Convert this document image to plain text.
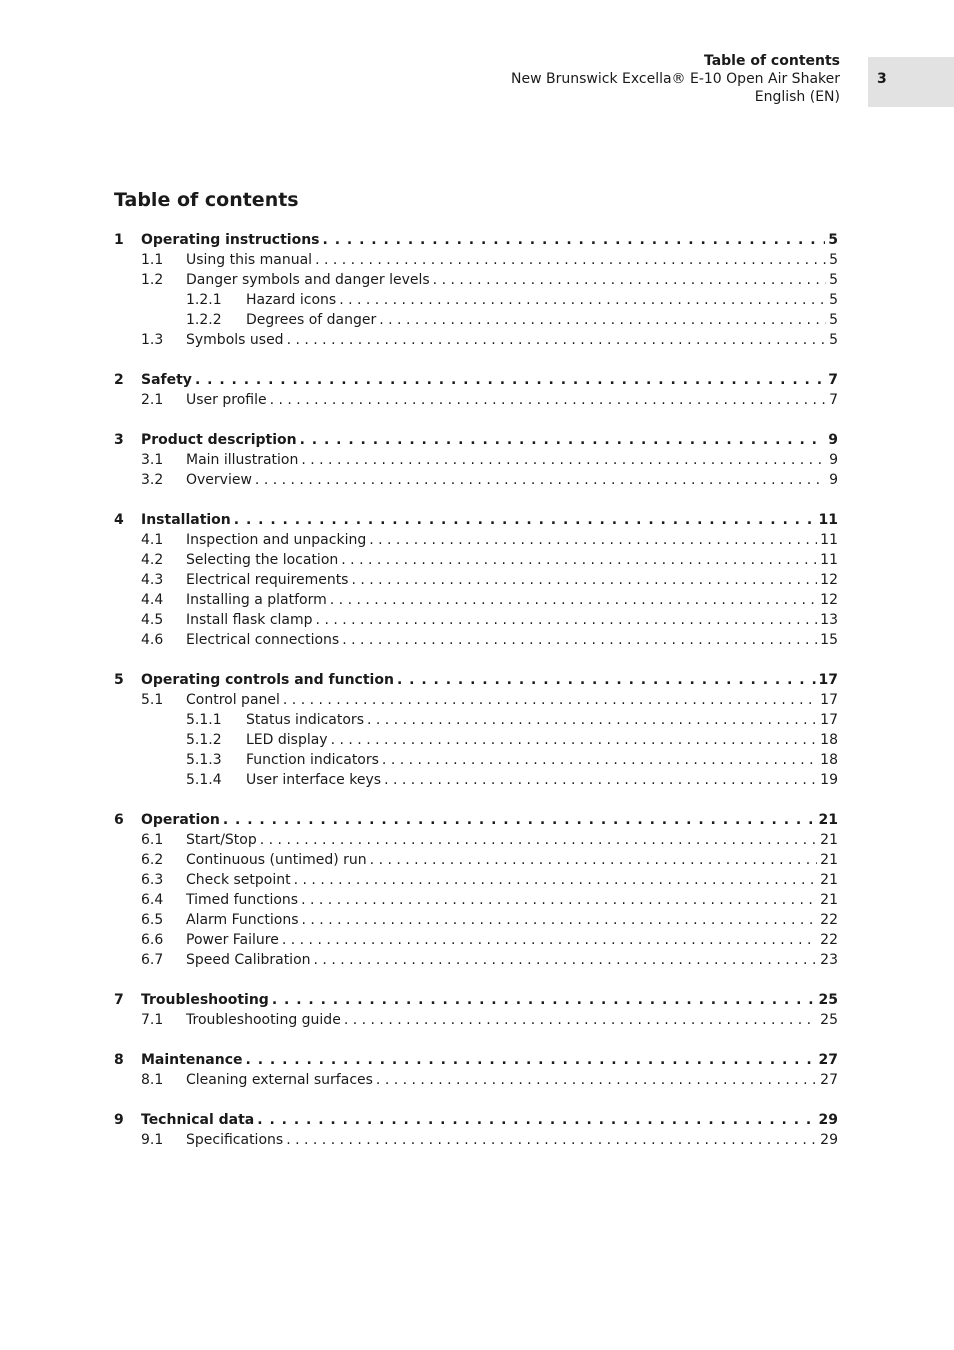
Table of contents
New Brunswick Excella® E-10 Open Air Shaker
English (EN)
3
Table of contents
1 Operating instructions . . .	5
1.1 Using this manual . . .	5
1.2 Danger symbols and danger levels . . .	5
1.2.1 Hazard icons . . .	5
1.2.2 Degrees of danger . . .	5
1.3 Symbols used . . .	5
2 Safety . . .	7
2.1 User profile . . .	7
3 Product description . . .	9
3.1 Main illustration . . .	9
3.2 Overview . . .	9
4 Installation . . .	11
4.1 Inspection and unpacking . . .	11
4.2 Selecting the location . . .	11
4.3 Electrical requirements . . .	12
4.4 Installing a platform . . .	12
4.5 Install flask clamp . . .	13
4.6 Electrical connections . . .	15
5 Operating controls and function . . .	17
5.1 Control panel . . .	17
5.1.1 Status indicators . . .	17
5.1.2 LED display . . .	18
5.1.3 Function indicators . . .	18
5.1.4 User interface keys . . .	19
6 Operation . . .	21
6.1 Start/Stop . . .	21
6.2 Continuous (untimed) run . . .	21
6.3 Check setpoint . . .	21
6.4 Timed functions . . .	21
6.5 Alarm Functions . . .	22
6.6 Power Failure . . .	22
6.7 Speed Calibration . . .	23
7 Troubleshooting . . .	25
7.1 Troubleshooting guide . . .	25
8 Maintenance . . .	27
8.1 Cleaning external surfaces . . .	27
9 Technical data . . .	29
9.1 Specifications . . .	29
